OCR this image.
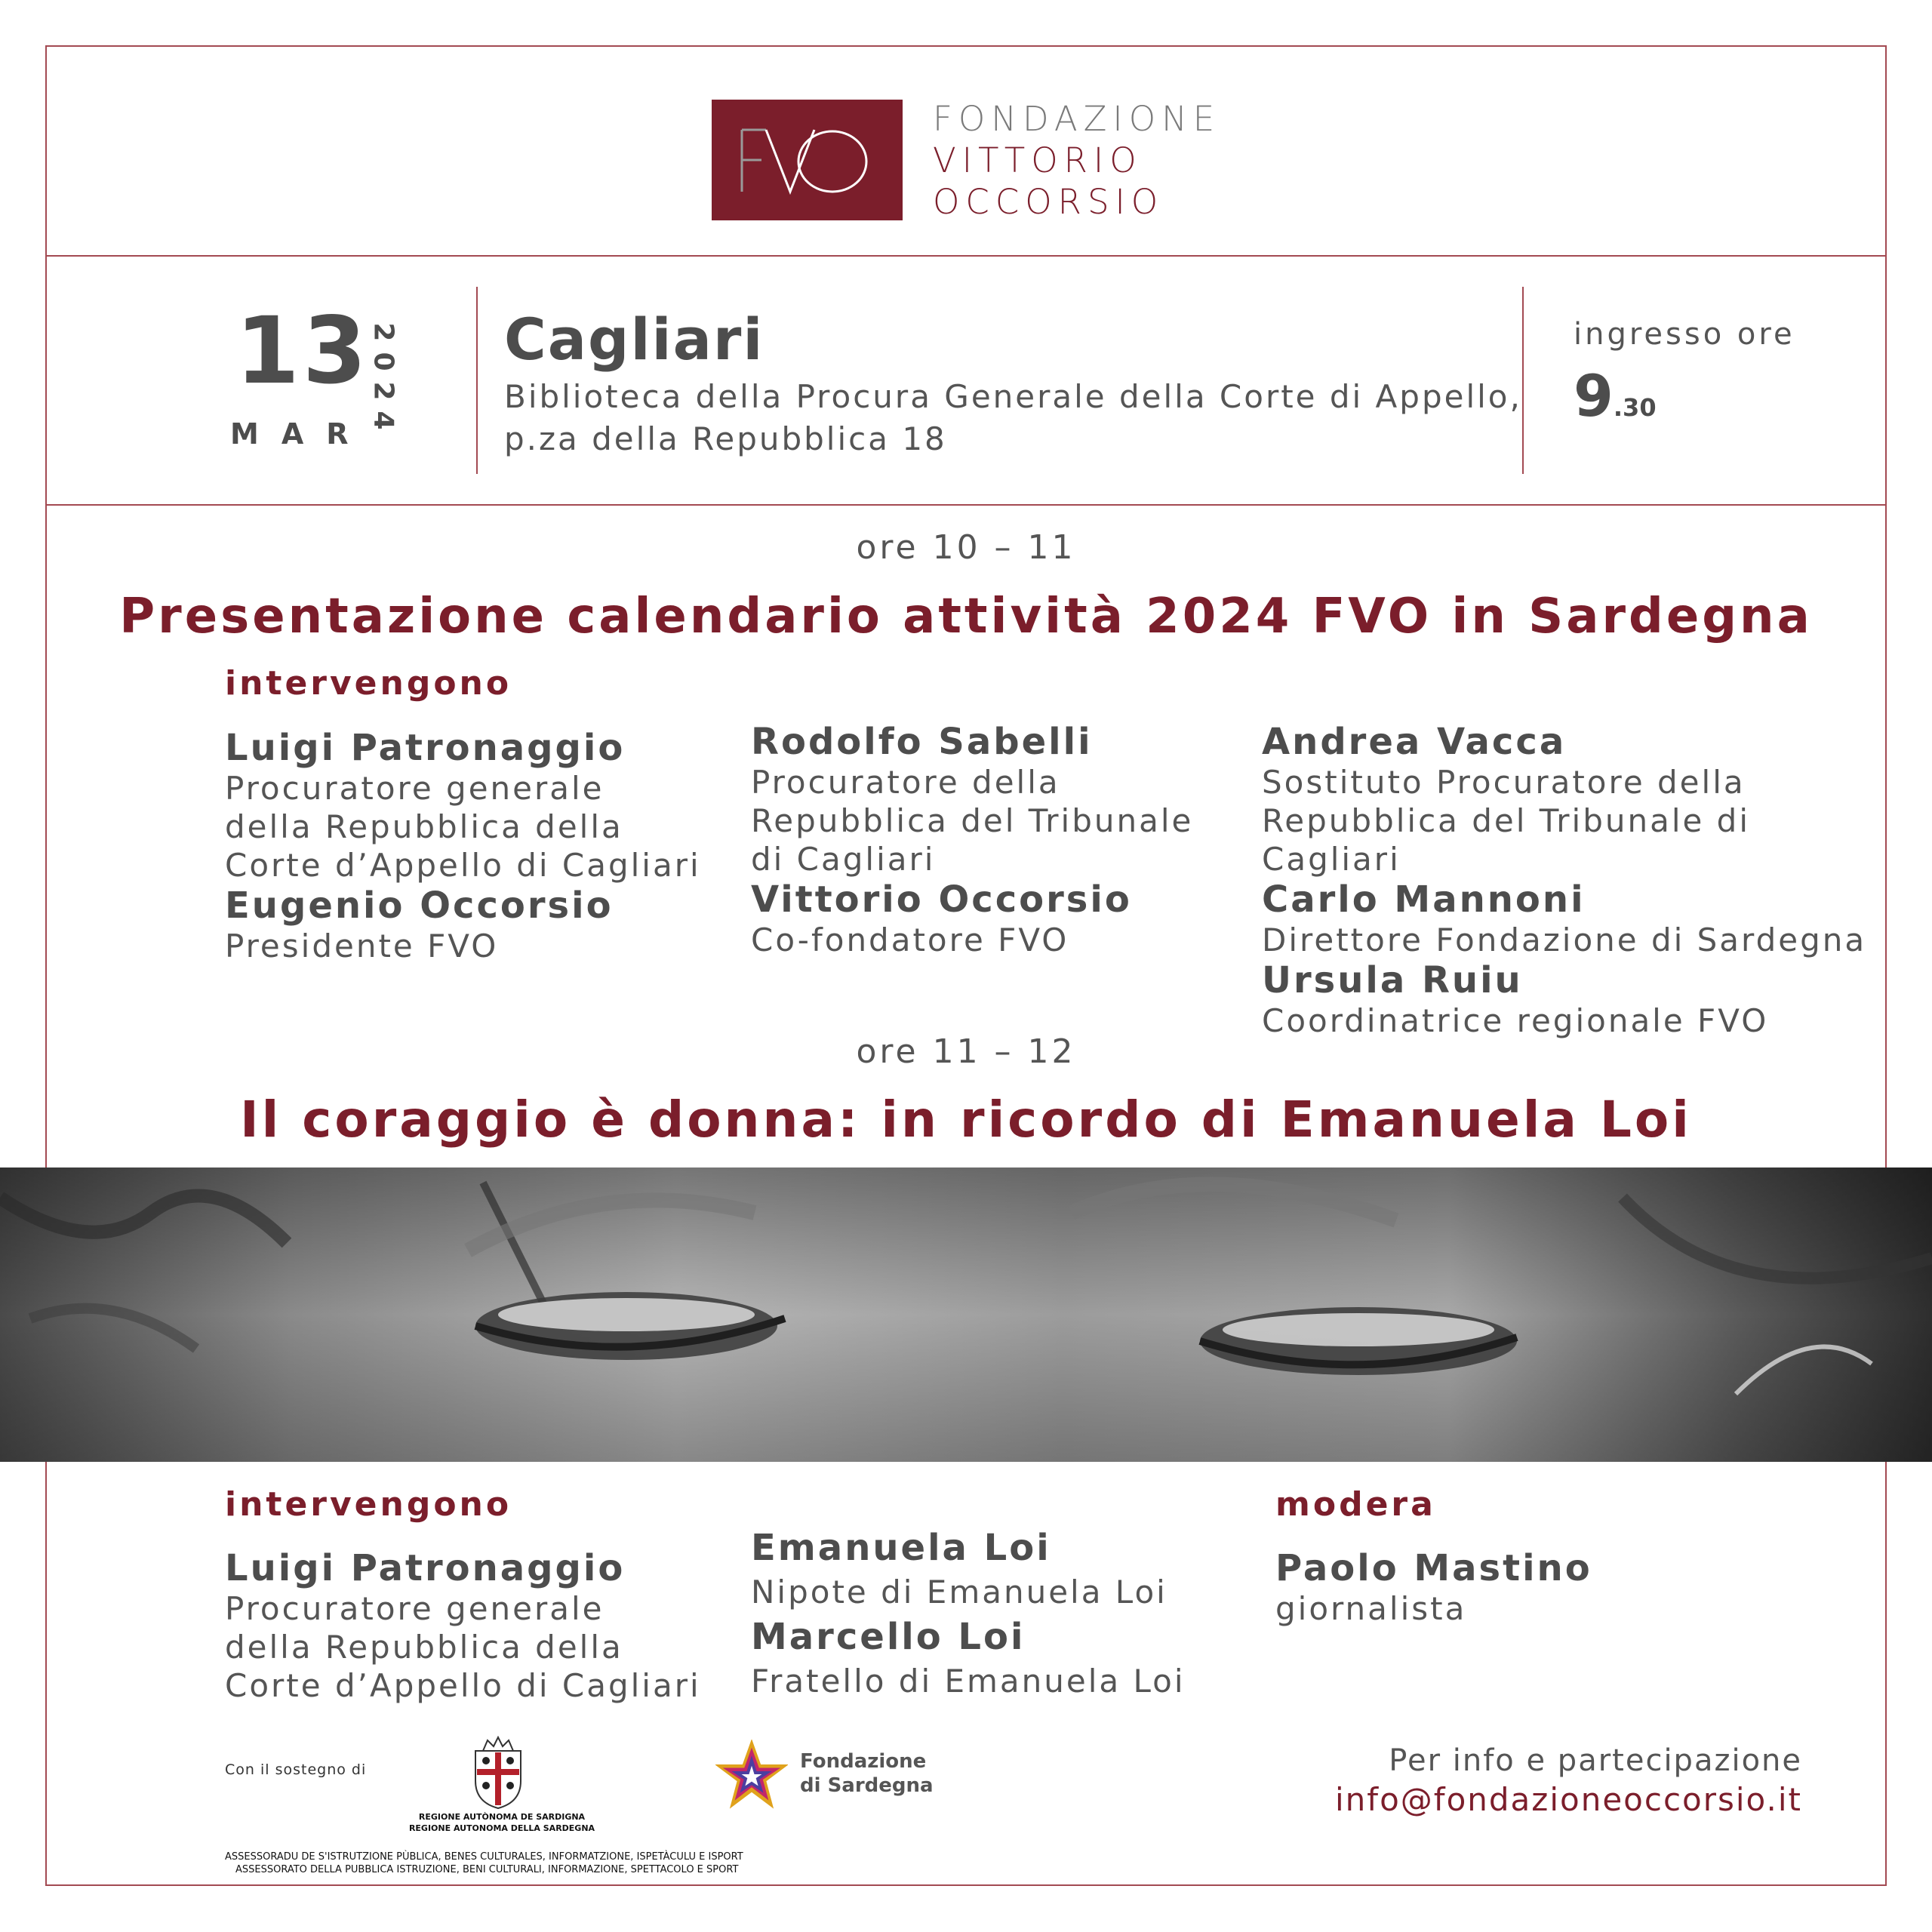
FONDAZIONE
VITTORIO
OCCORSIO
13
MAR
2024 Cagliari
Biblioteca della Procura Generale della Corte di Appello,
p.za della Repubblica 18
ingresso ore
9.30
ore 10 – 11
Presentazione calendario attività 2024 FVO in Sardegna
intervengono
Luigi Patronaggio
Procuratore generale
della Repubblica della
Corte d’Appello di Cagliari
Eugenio Occorsio
Presidente FVO
Rodolfo Sabelli
Procuratore della
Repubblica del Tribunale
di Cagliari
Vittorio Occorsio
Co-fondatore FVO
Andrea Vacca
Sostituto Procuratore della
Repubblica del Tribunale di
Cagliari
Carlo Mannoni
Direttore Fondazione di Sardegna
Ursula Ruiu
Coordinatrice regionale FVO
ore 11 – 12
Il coraggio è donna: in ricordo di Emanuela Loi
intervengono	modera
Luigi Patronaggio
Procuratore generale
della Repubblica della
Corte d’Appello di Cagliari
Emanuela Loi
Nipote di Emanuela Loi
Marcello Loi
Fratello di Emanuela Loi
Paolo Mastino
giornalista
Con il sostegno di
REGIONE AUTÒNOMA DE SARDIGNA
REGIONE AUTONOMA DELLA SARDEGNA
ASSESSORADU DE S'ISTRUTZIONE PÙBLICA, BENES CULTURALES, INFORMATZIONE, ISPETÀCULU E ISPORT
ASSESSORATO DELLA PUBBLICA ISTRUZIONE, BENI CULTURALI, INFORMAZIONE, SPETTACOLO E SPORT
Fondazione
di Sardegna
Per info e partecipazione
info@fondazioneoccorsio.it
